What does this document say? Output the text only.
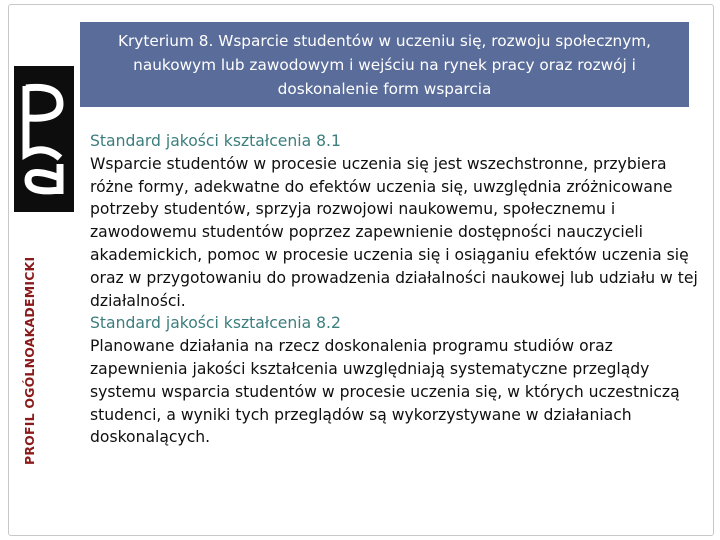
PROFIL OGÓLNOAKADEMICKI
Kryterium 8. Wsparcie studentów w uczeniu się, rozwoju społecznym, naukowym lub zawodowym i wejściu na rynek pracy oraz rozwój i doskonalenie form wsparcia

Standard jakości kształcenia 8.1

Wsparcie studentów w procesie uczenia się jest wszechstronne, przybiera różne formy, adekwatne do efektów uczenia się, uwzględnia zróżnicowane potrzeby studentów, sprzyja rozwojowi naukowemu, społecznemu i zawodowemu studentów poprzez zapewnienie dostępności nauczycieli akademickich, pomoc w procesie uczenia się i osiąganiu efektów uczenia się oraz w przygotowaniu do prowadzenia działalności naukowej lub udziału w tej działalności.

Standard jakości kształcenia 8.2

Planowane działania na rzecz doskonalenia programu studiów oraz zapewnienia jakości kształcenia uwzględniają systematyczne przeglądy systemu wsparcia studentów w procesie uczenia się, w których uczestniczą studenci, a wyniki tych przeglądów są wykorzystywane w działaniach doskonalących.
